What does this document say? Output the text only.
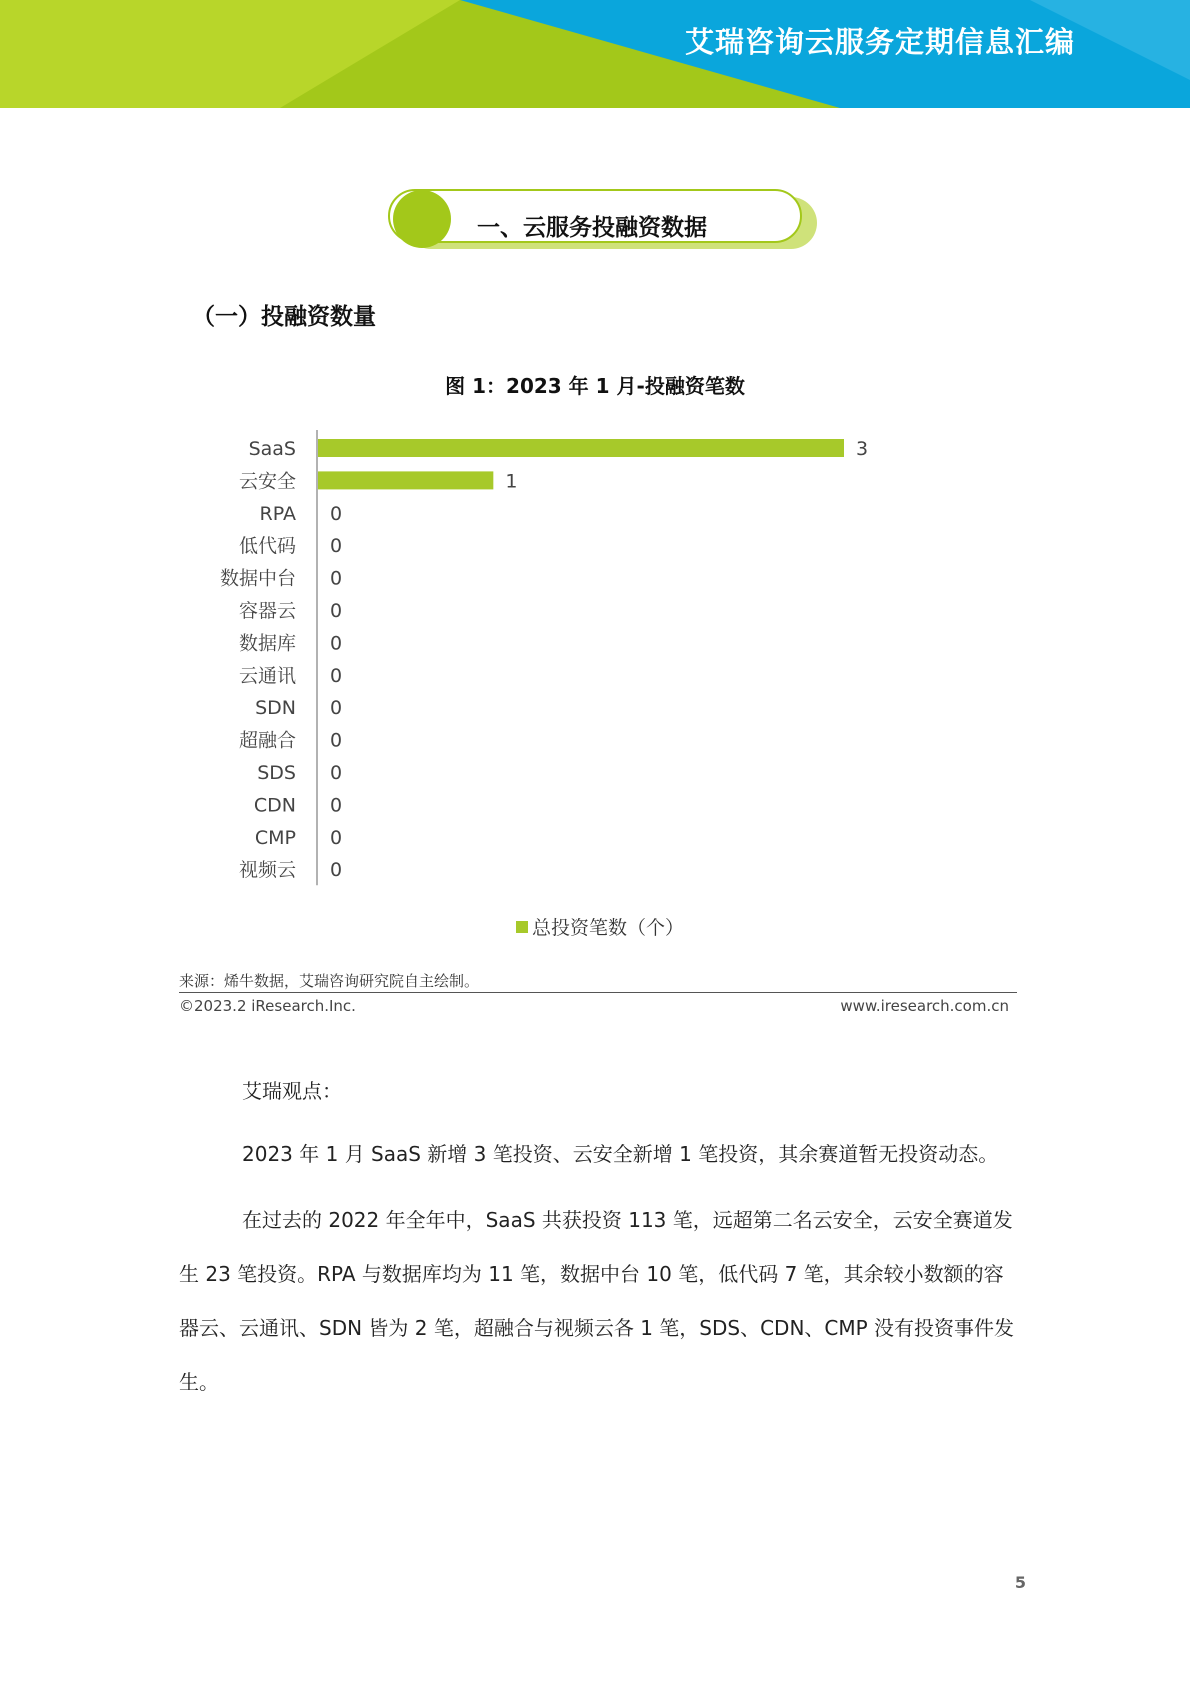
艾瑞咨询云服务定期信息汇编
一、云服务投融资数据
（一）投融资数量
图 1：2023 年 1 月-投融资笔数
SaaS	3
云安全	1
RPA 0
低代码 0
数据中台 0
容器云 0
数据库 0
云通讯 0
SDN 0
超融合 0
SDS 0
CDN 0
CMP 0
视频云 0
总投资笔数（个）
来源：烯牛数据，艾瑞咨询研究院自主绘制。
©2023.2 iResearch.Inc.	www.iresearch.com.cn
艾瑞观点：

2023 年 1 月 SaaS 新增 3 笔投资、云安全新增 1 笔投资，其余赛道暂无投资动态。

在过去的 2022 年全年中，SaaS 共获投资 113 笔，远超第二名云安全，云安全赛道发生 23 笔投资。RPA 与数据库均为 11 笔，数据中台 10 笔，低代码 7 笔，其余较小数额的容器云、云通讯、SDN 皆为 2 笔，超融合与视频云各 1 笔，SDS、CDN、CMP 没有投资事件发生。

5
